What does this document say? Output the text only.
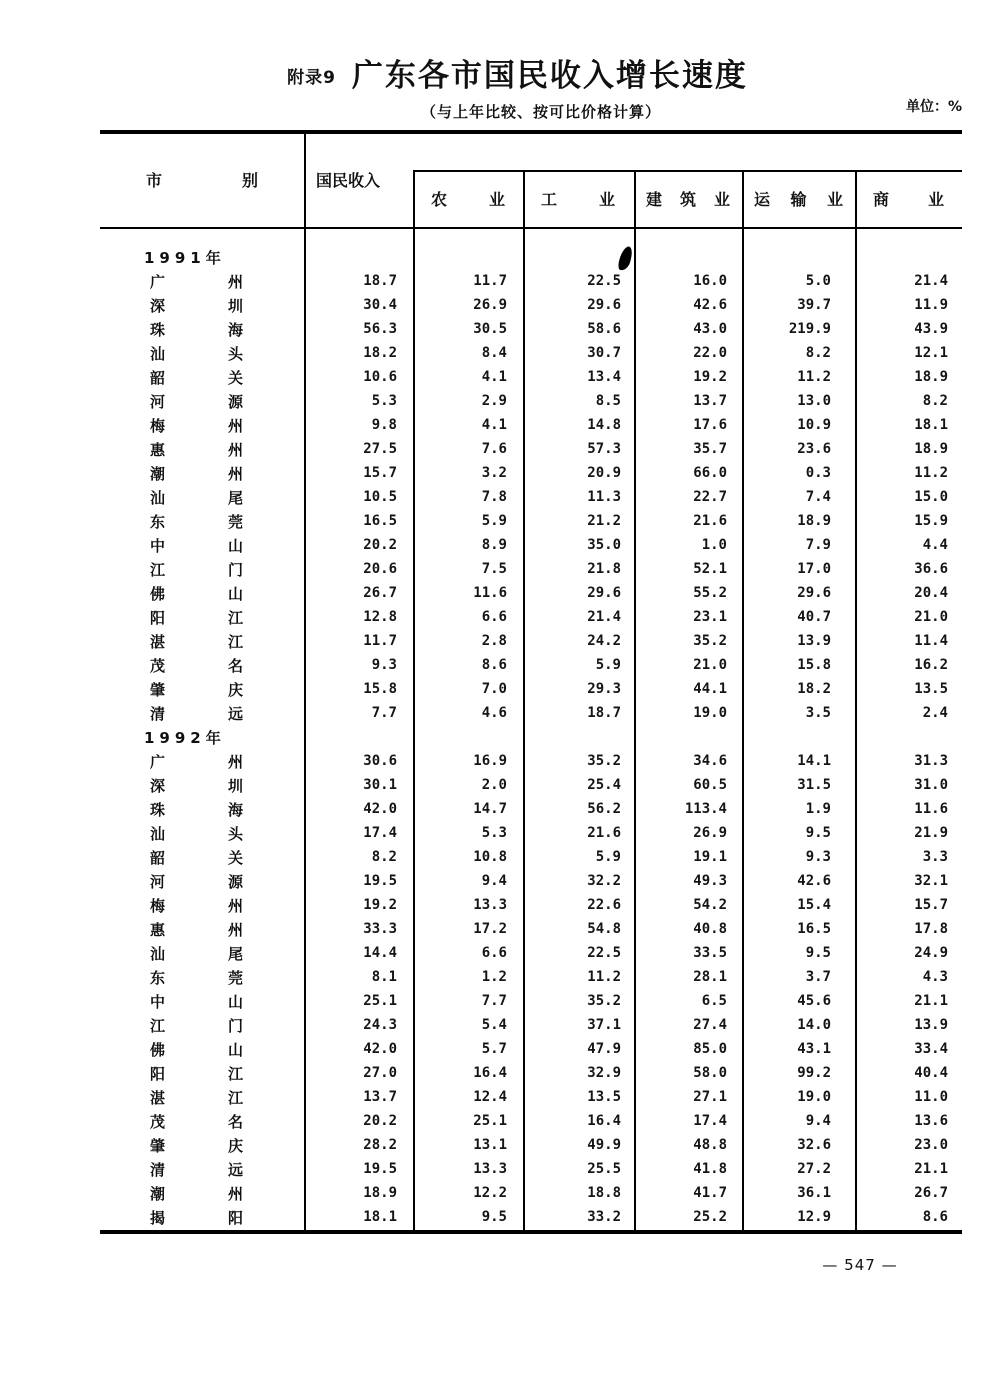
附录9 广东各市国民收入增长速度
（与上年比较、按可比价格计算）	单位：%
市别	国民收入
农业 工业 建筑业 运输业 商业
1991年
广州	18.7	11.7	22.5	16.0	5.0	21.4
深圳	30.4	26.9	29.6	42.6	39.7	11.9
珠海	56.3	30.5	58.6	43.0	219.9	43.9
汕头	18.2	8.4	30.7	22.0	8.2	12.1
韶关	10.6	4.1	13.4	19.2	11.2	18.9
河源	5.3	2.9	8.5	13.7	13.0	8.2
梅州	9.8	4.1	14.8	17.6	10.9	18.1
惠州	27.5	7.6	57.3	35.7	23.6	18.9
潮州	15.7	3.2	20.9	66.0	0.3	11.2
汕尾	10.5	7.8	11.3	22.7	7.4	15.0
东莞	16.5	5.9	21.2	21.6	18.9	15.9
中山	20.2	8.9	35.0	1.0	7.9	4.4
江门	20.6	7.5	21.8	52.1	17.0	36.6
佛山	26.7	11.6	29.6	55.2	29.6	20.4
阳江	12.8	6.6	21.4	23.1	40.7	21.0
湛江	11.7	2.8	24.2	35.2	13.9	11.4
茂名	9.3	8.6	5.9	21.0	15.8	16.2
肇庆	15.8	7.0	29.3	44.1	18.2	13.5
清远	7.7	4.6	18.7	19.0	3.5	2.4
1992年
广州	30.6	16.9	35.2	34.6	14.1	31.3
深圳	30.1	2.0	25.4	60.5	31.5	31.0
珠海	42.0	14.7	56.2	113.4	1.9	11.6
汕头	17.4	5.3	21.6	26.9	9.5	21.9
韶关	8.2	10.8	5.9	19.1	9.3	3.3
河源	19.5	9.4	32.2	49.3	42.6	32.1
梅州	19.2	13.3	22.6	54.2	15.4	15.7
惠州	33.3	17.2	54.8	40.8	16.5	17.8
汕尾	14.4	6.6	22.5	33.5	9.5	24.9
东莞	8.1	1.2	11.2	28.1	3.7	4.3
中山	25.1	7.7	35.2	6.5	45.6	21.1
江门	24.3	5.4	37.1	27.4	14.0	13.9
佛山	42.0	5.7	47.9	85.0	43.1	33.4
阳江	27.0	16.4	32.9	58.0	99.2	40.4
湛江	13.7	12.4	13.5	27.1	19.0	11.0
茂名	20.2	25.1	16.4	17.4	9.4	13.6
肇庆	28.2	13.1	49.9	48.8	32.6	23.0
清远	19.5	13.3	25.5	41.8	27.2	21.1
潮州	18.9	12.2	18.8	41.7	36.1	26.7
揭阳	18.1	9.5	33.2	25.2	12.9	8.6
— 547 —
